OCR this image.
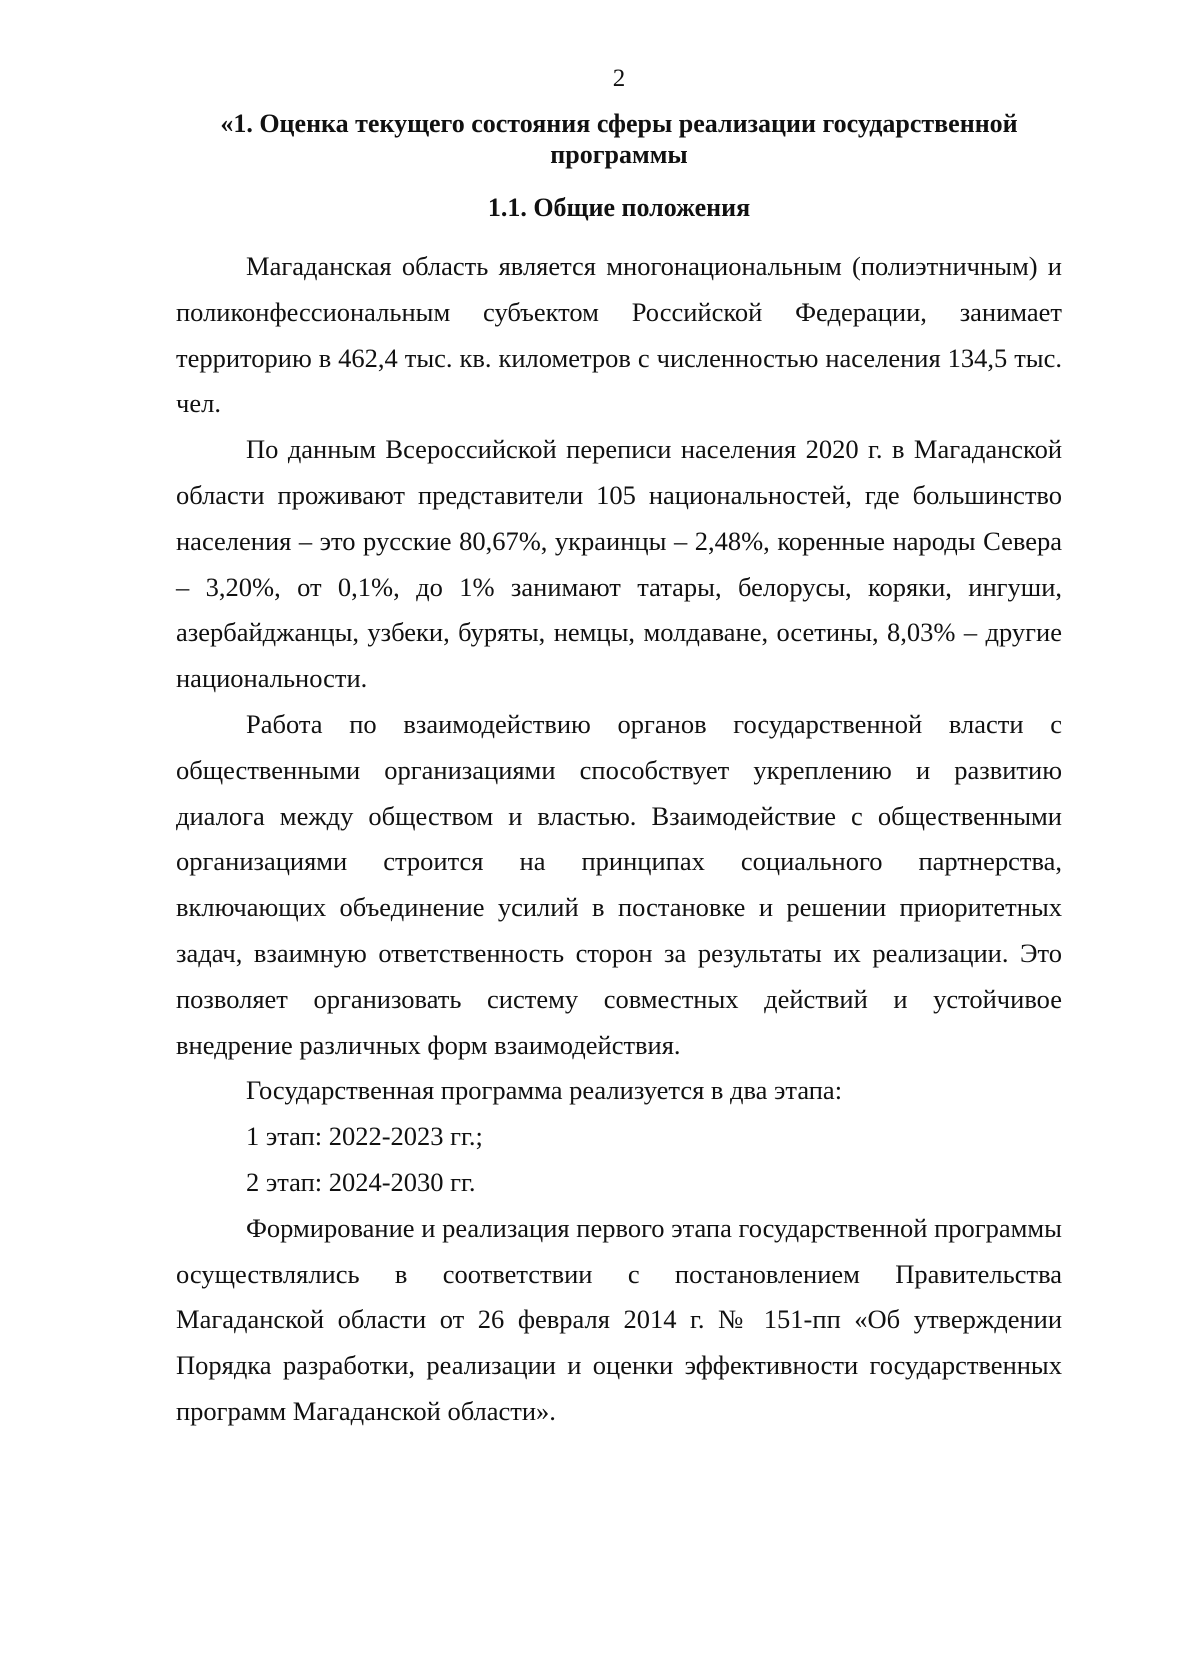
2
«1. Оценка текущего состояния сферы реализации государственной программы
1.1. Общие положения

Магаданская область является многонациональным (полиэтничным) и поликонфессиональным субъектом Российской Федерации, занимает территорию в 462,4 тыс. кв. километров с численностью населения 134,5 тыс. чел.

По данным Всероссийской переписи населения 2020 г. в Магаданской области проживают представители 105 национальностей, где большинство населения – это русские 80,67%, украинцы – 2,48%, коренные народы Севера – 3,20%, от 0,1%, до 1% занимают татары, белорусы, коряки, ингуши, азербайджанцы, узбеки, буряты, немцы, молдаване, осетины, 8,03% – другие национальности.

Работа по взаимодействию органов государственной власти с общественными организациями способствует укреплению и развитию диалога между обществом и властью. Взаимодействие с общественными организациями строится на принципах социального партнерства, включающих объединение усилий в постановке и решении приоритетных задач, взаимную ответственность сторон за результаты их реализации. Это позволяет организовать систему совместных действий и устойчивое внедрение различных форм взаимодействия.

Государственная программа реализуется в два этапа:

1 этап: 2022-2023 гг.;

2 этап: 2024-2030 гг.

Формирование и реализация первого этапа государственной программы осуществлялись в соответствии с постановлением Правительства Магаданской области от 26 февраля 2014 г. № 151-пп «Об утверждении Порядка разработки, реализации и оценки эффективности государственных программ Магаданской области».
